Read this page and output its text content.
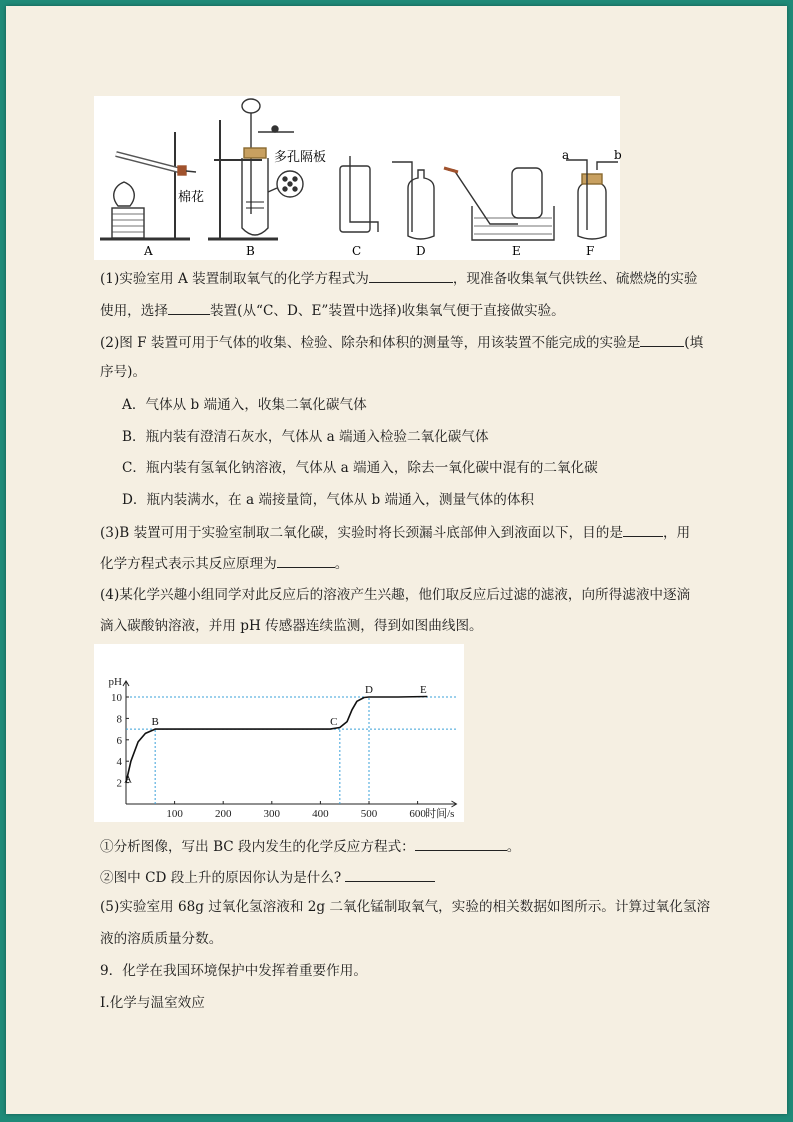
棉花
多孔隔板	a	b
A	B	C	D	E	F
(1)实验室用 A 装置制取氧气的化学方程式为	，现准备收集氧气供铁丝、硫燃烧的实验
使用，选择	装置(从“C、D、E”装置中选择)收集氧气便于直接做实验。
(2)图 F 装置可用于气体的收集、检验、除杂和体积的测量等，用该装置不能完成的实验是	(填
序号)。
A．气体从 b 端通入，收集二氧化碳气体
B．瓶内装有澄清石灰水，气体从 a 端通入检验二氧化碳气体
C．瓶内装有氢氧化钠溶液，气体从 a 端通入，除去一氧化碳中混有的二氧化碳
D．瓶内装满水，在 a 端接量筒，气体从 b 端通入，测量气体的体积
(3)B 装置可用于实验室制取二氧化碳，实验时将长颈漏斗底部伸入到液面以下，目的是	，用
化学方程式表示其反应原理为	。
(4)某化学兴趣小组同学对此反应后的溶液产生兴趣，他们取反应后过滤的滤液，向所得滤液中逐滴
滴入碳酸钠溶液，并用 pH 传感器连续监测，得到如图曲线图。
100	200	300	400	500	600
2
4
6
8
10
pH
时间/s
A
B	C
D	E
①分析图像，写出 BC 段内发生的化学反应方程式：	。
②图中 CD 段上升的原因你认为是什么?
(5)实验室用 68g 过氧化氢溶液和 2g 二氧化锰制取氧气，实验的相关数据如图所示。计算过氧化氢溶
液的溶质质量分数。
9．化学在我国环境保护中发挥着重要作用。
I.化学与温室效应
